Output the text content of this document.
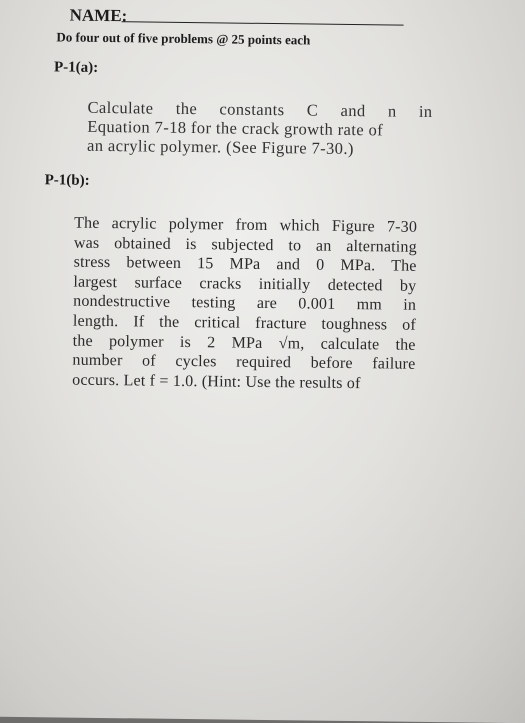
NAME:
Do four out of five problems @ 25 points each
P-1(a):
Calculate the constants C and n in
Equation 7-18 for the crack growth rate of
an acrylic polymer. (See Figure 7-30.)
P-1(b):
The acrylic polymer from which Figure 7-30
was obtained is subjected to an alternating
stress between 15 MPa and 0 MPa. The
largest surface cracks initially detected by
nondestructive testing are 0.001 mm in
length. If the critical fracture toughness of
the polymer is 2 MPa √m, calculate the
number of cycles required before failure
occurs. Let f = 1.0. (Hint: Use the results of
